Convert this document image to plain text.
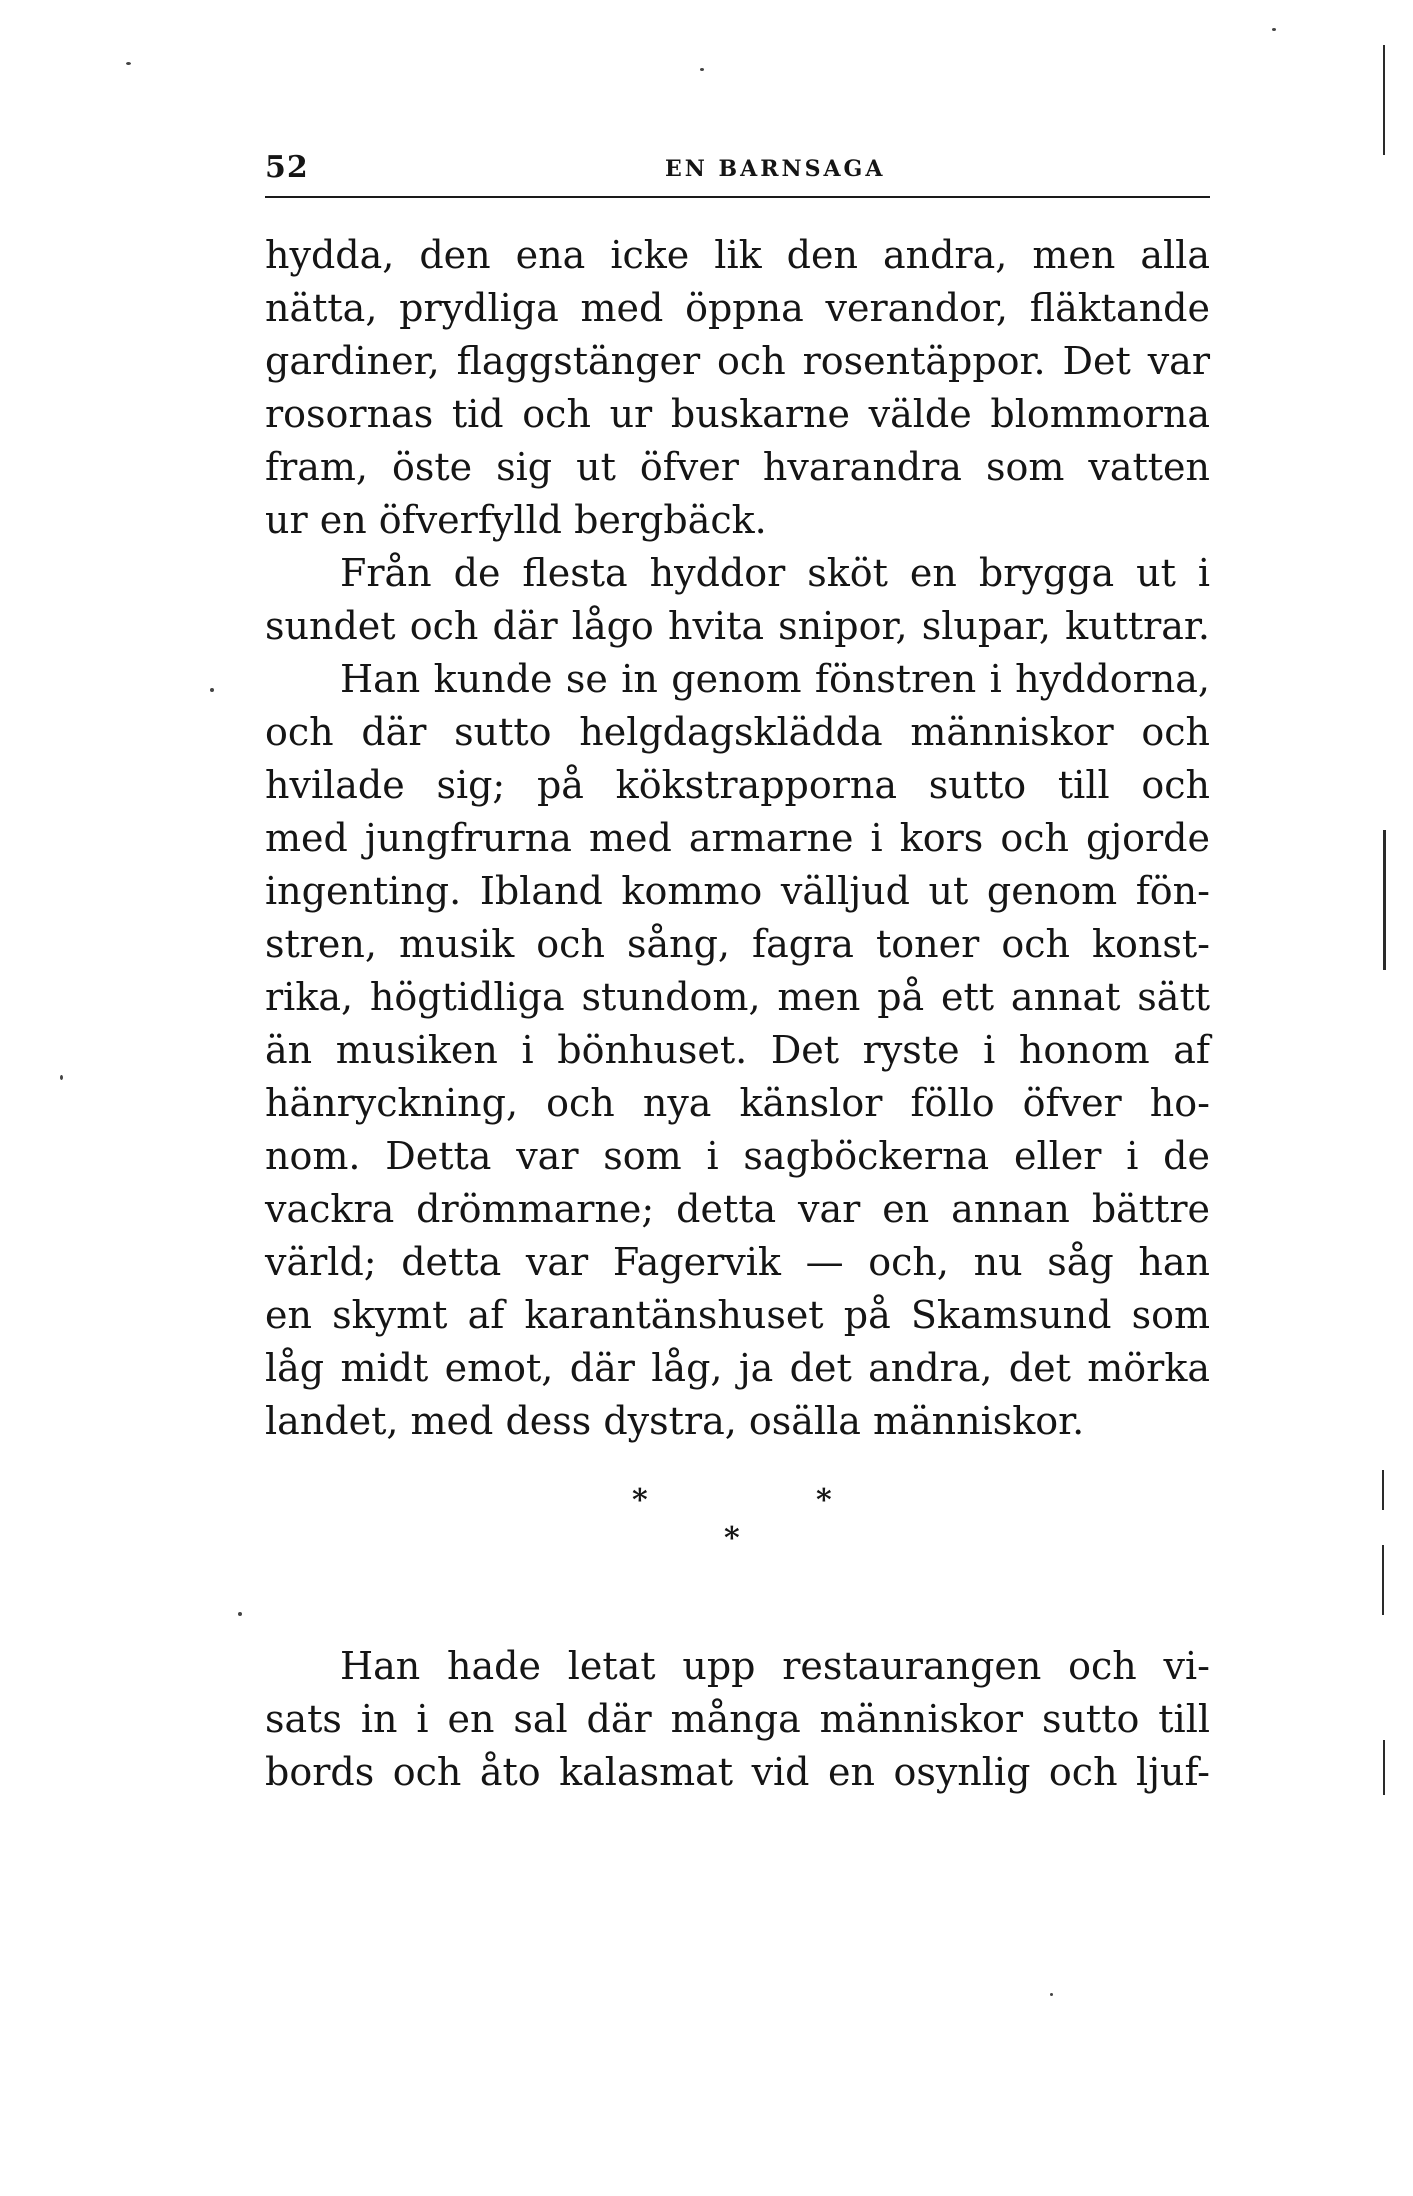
52	EN BARNSAGA
hydda, den ena icke lik den andra, men alla
nätta, prydliga med öppna verandor, fläktande
gardiner, flaggstänger och rosentäppor. Det var
rosornas tid och ur buskarne välde blommorna
fram, öste sig ut öfver hvarandra som vatten
ur en öfverfylld bergbäck.
Från de flesta hyddor sköt en brygga ut i
sundet och där lågo hvita snipor, slupar, kuttrar.
Han kunde se in genom fönstren i hyddorna,
och där sutto helgdagsklädda människor och
hvilade sig; på kökstrapporna sutto till och
med jungfrurna med armarne i kors och gjorde
ingenting. Ibland kommo välljud ut genom fön-
stren, musik och sång, fagra toner och konst-
rika, högtidliga stundom, men på ett annat sätt
än musiken i bönhuset. Det ryste i honom af
hänryckning, och nya känslor föllo öfver ho-
nom. Detta var som i sagböckerna eller i de
vackra drömmarne; detta var en annan bättre
värld; detta var Fagervik — och, nu såg han
en skymt af karantänshuset på Skamsund som
låg midt emot, där låg, ja det andra, det mörka
landet, med dess dystra, osälla människor.
*	*
*
Han hade letat upp restaurangen och vi-
sats in i en sal där många människor sutto till
bords och åto kalasmat vid en osynlig och ljuf-
